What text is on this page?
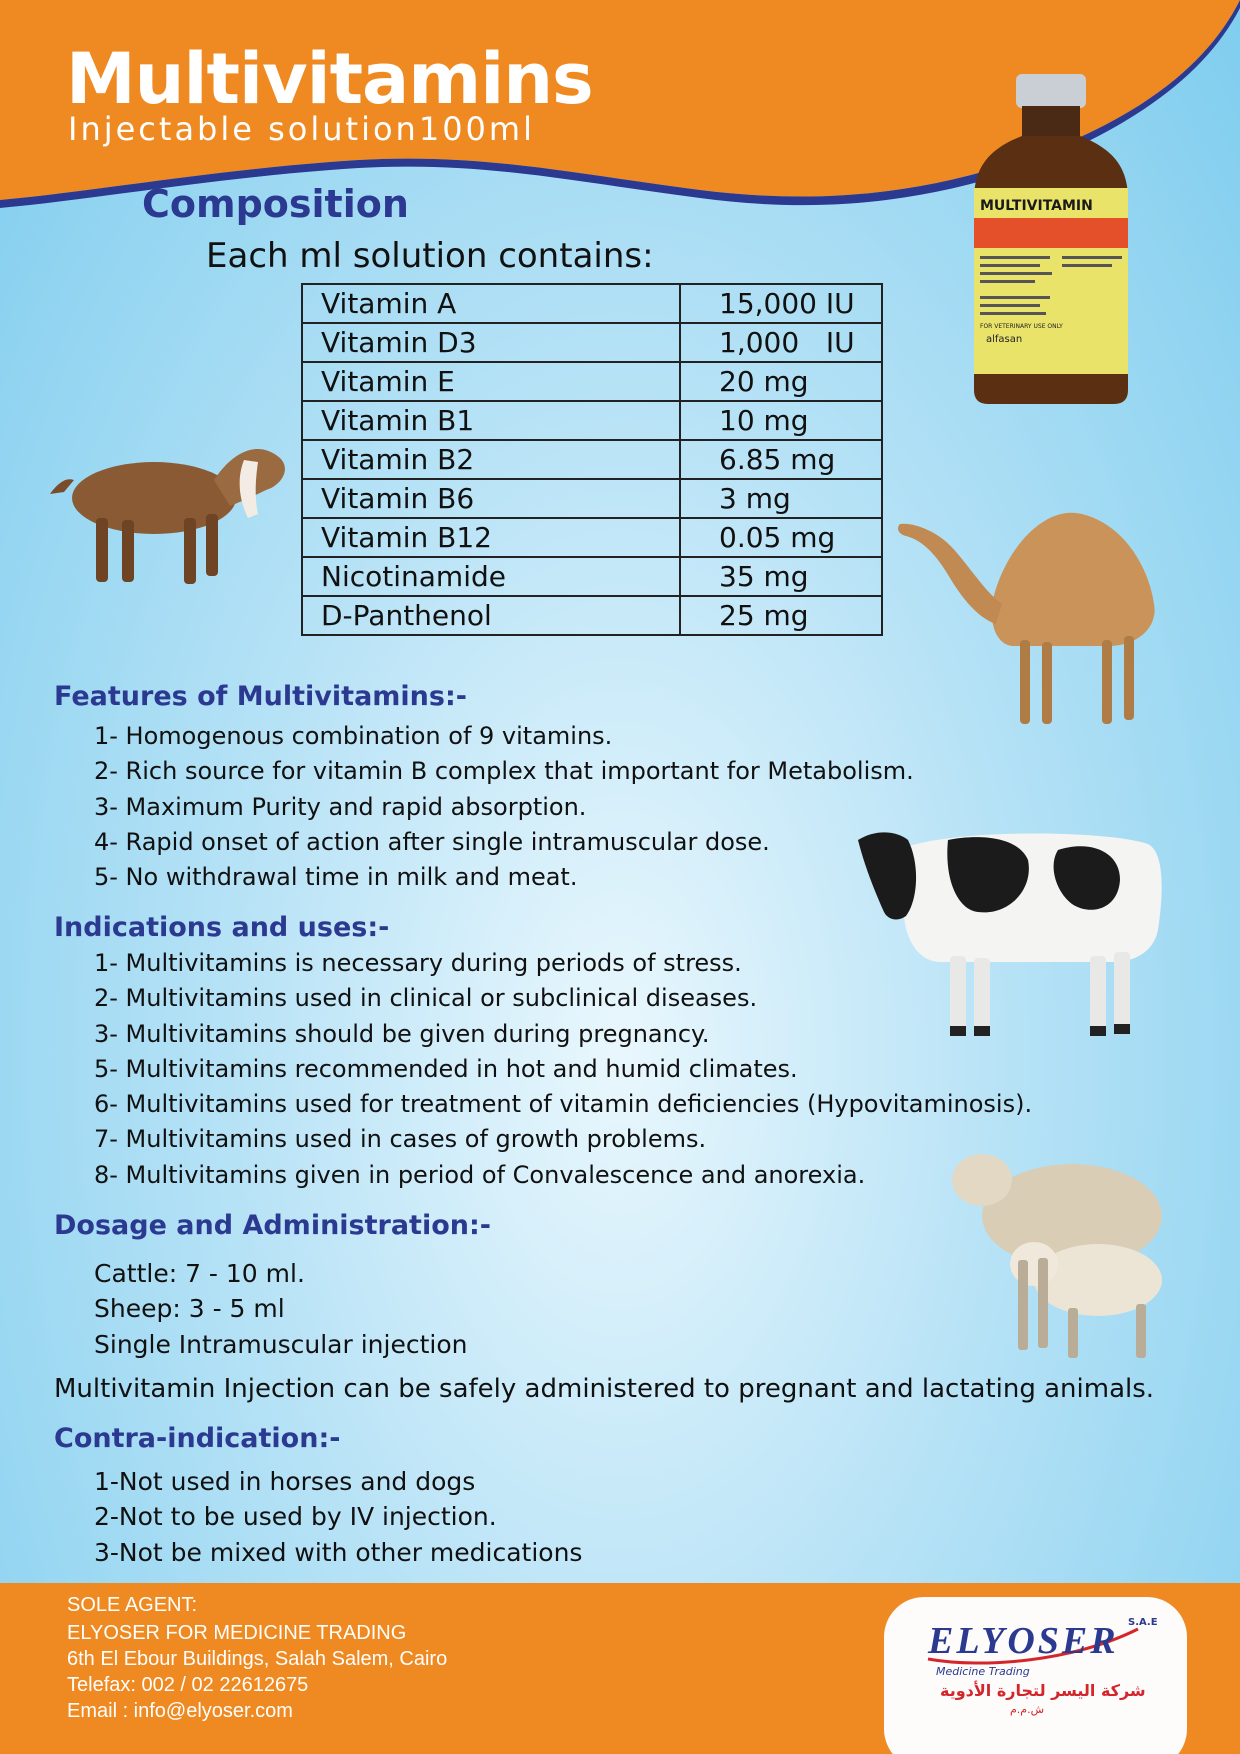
Multivitamins
Injectable solution100ml
MULTIVITAMIN
FOR VETERINARY USE ONLY
alfasan
Composition
Each ml solution contains:
Vitamin A	15,000 IU
Vitamin D3	1,000   IU
Vitamin E	20 mg
Vitamin B1	10 mg
Vitamin B2	6.85 mg
Vitamin B6	3 mg
Vitamin B12	0.05 mg
Nicotinamide	35 mg
D-Panthenol	25 mg
Features of Multivitamins:-
1- Homogenous combination of 9 vitamins.
2- Rich source for vitamin B complex that important for Metabolism.
3- Maximum Purity and rapid absorption.
4- Rapid onset of action after single intramuscular dose.
5- No withdrawal time in milk and meat.
Indications and uses:-
1- Multivitamins is necessary during periods of stress.
2- Multivitamins used in clinical or subclinical diseases.
3- Multivitamins should be given during pregnancy.
5- Multivitamins recommended in hot and humid climates.
6- Multivitamins used for treatment of vitamin deficiencies (Hypovitaminosis).
7- Multivitamins used in cases of growth problems.
8- Multivitamins given in period of Convalescence and anorexia.
Dosage and Administration:-
Cattle: 7 - 10 ml.
Sheep: 3 - 5 ml
Single Intramuscular injection
Multivitamin Injection can be safely administered to pregnant and lactating animals.
Contra-indication:-
1-Not used in horses and dogs
2-Not to be used by IV injection.
3-Not be mixed with other medications
SOLE AGENT:
ELYOSER FOR MEDICINE TRADING
6th El Ebour Buildings, Salah Salem, Cairo
Telefax: 002 / 02 22612675
Email : info@elyoser.com
ELYOSER S.A.E
Medicine Trading
شركة اليسر لتجارة الأدوية
ش.م.م
